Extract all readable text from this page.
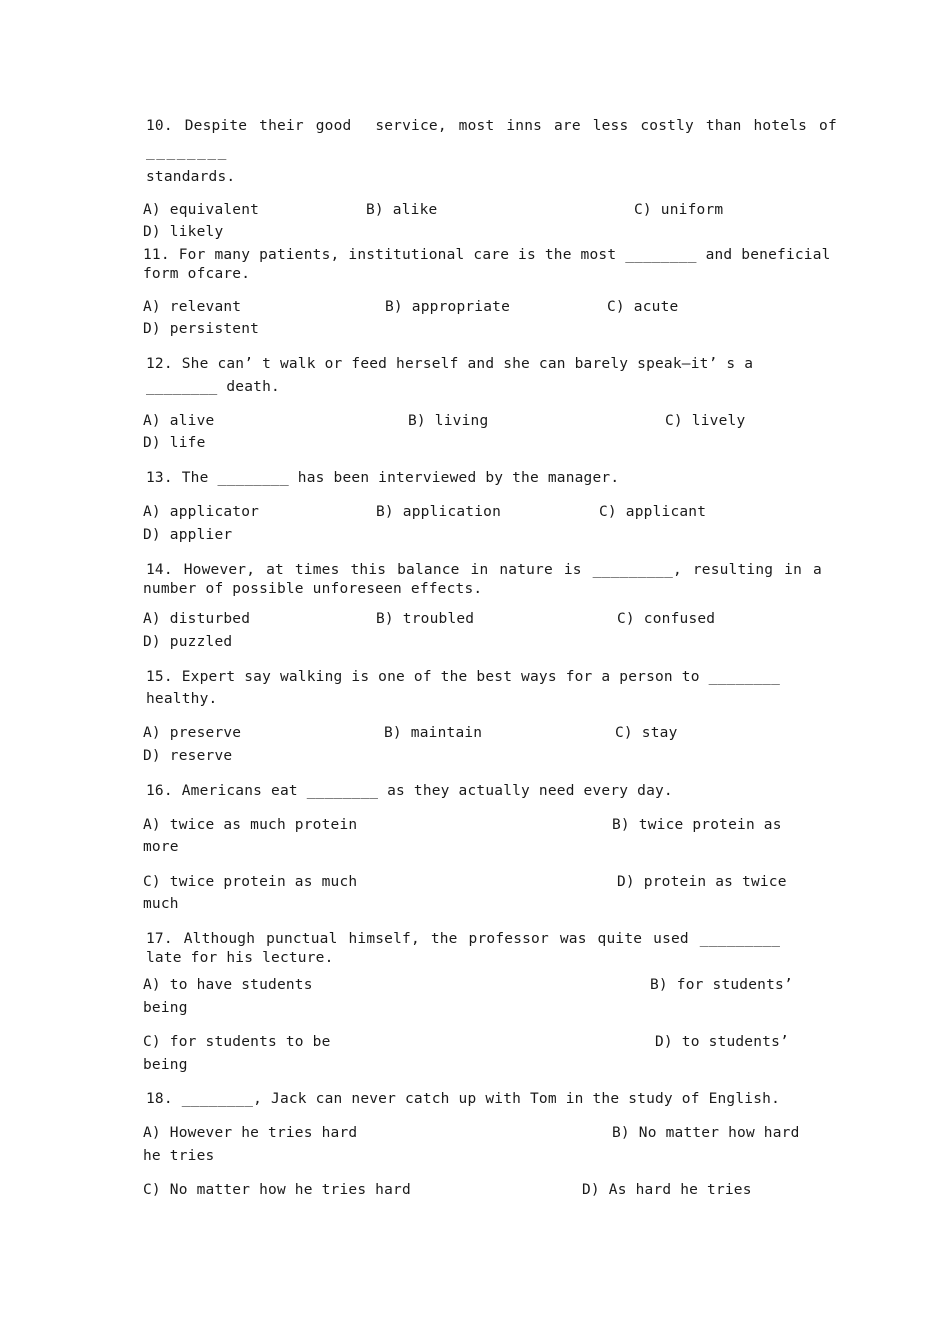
10. Despite their good  service, most inns are less costly than hotels of
________
standards.
A) equivalent	B) alike	C) uniform
D) likely
11. For many patients, institutional care is the most ________ and beneficial
form ofcare.
A) relevant	B) appropriate	C) acute
D) persistent
12. She can’ t walk or feed herself and she can barely speak—it’ s a
________ death.
A) alive	B) living	C) lively
D) life
13. The ________ has been interviewed by the manager.
A) applicator	B) application	C) applicant
D) applier
14. However, at times this balance in nature is _________, resulting in a
number of possible unforeseen effects.
A) disturbed	B) troubled	C) confused
D) puzzled
15. Expert say walking is one of the best ways for a person to ________
healthy.
A) preserve	B) maintain	C) stay
D) reserve
16. Americans eat ________ as they actually need every day.
A) twice as much protein	B) twice protein as
more
C) twice protein as much	D) protein as twice
much
17. Although punctual himself, the professor was quite used _________
late for his lecture.
A) to have students	B) for students’
being
C) for students to be	D) to students’
being
18. ________, Jack can never catch up with Tom in the study of English.
A) However he tries hard	B) No matter how hard
he tries
C) No matter how he tries hard	D) As hard he tries
